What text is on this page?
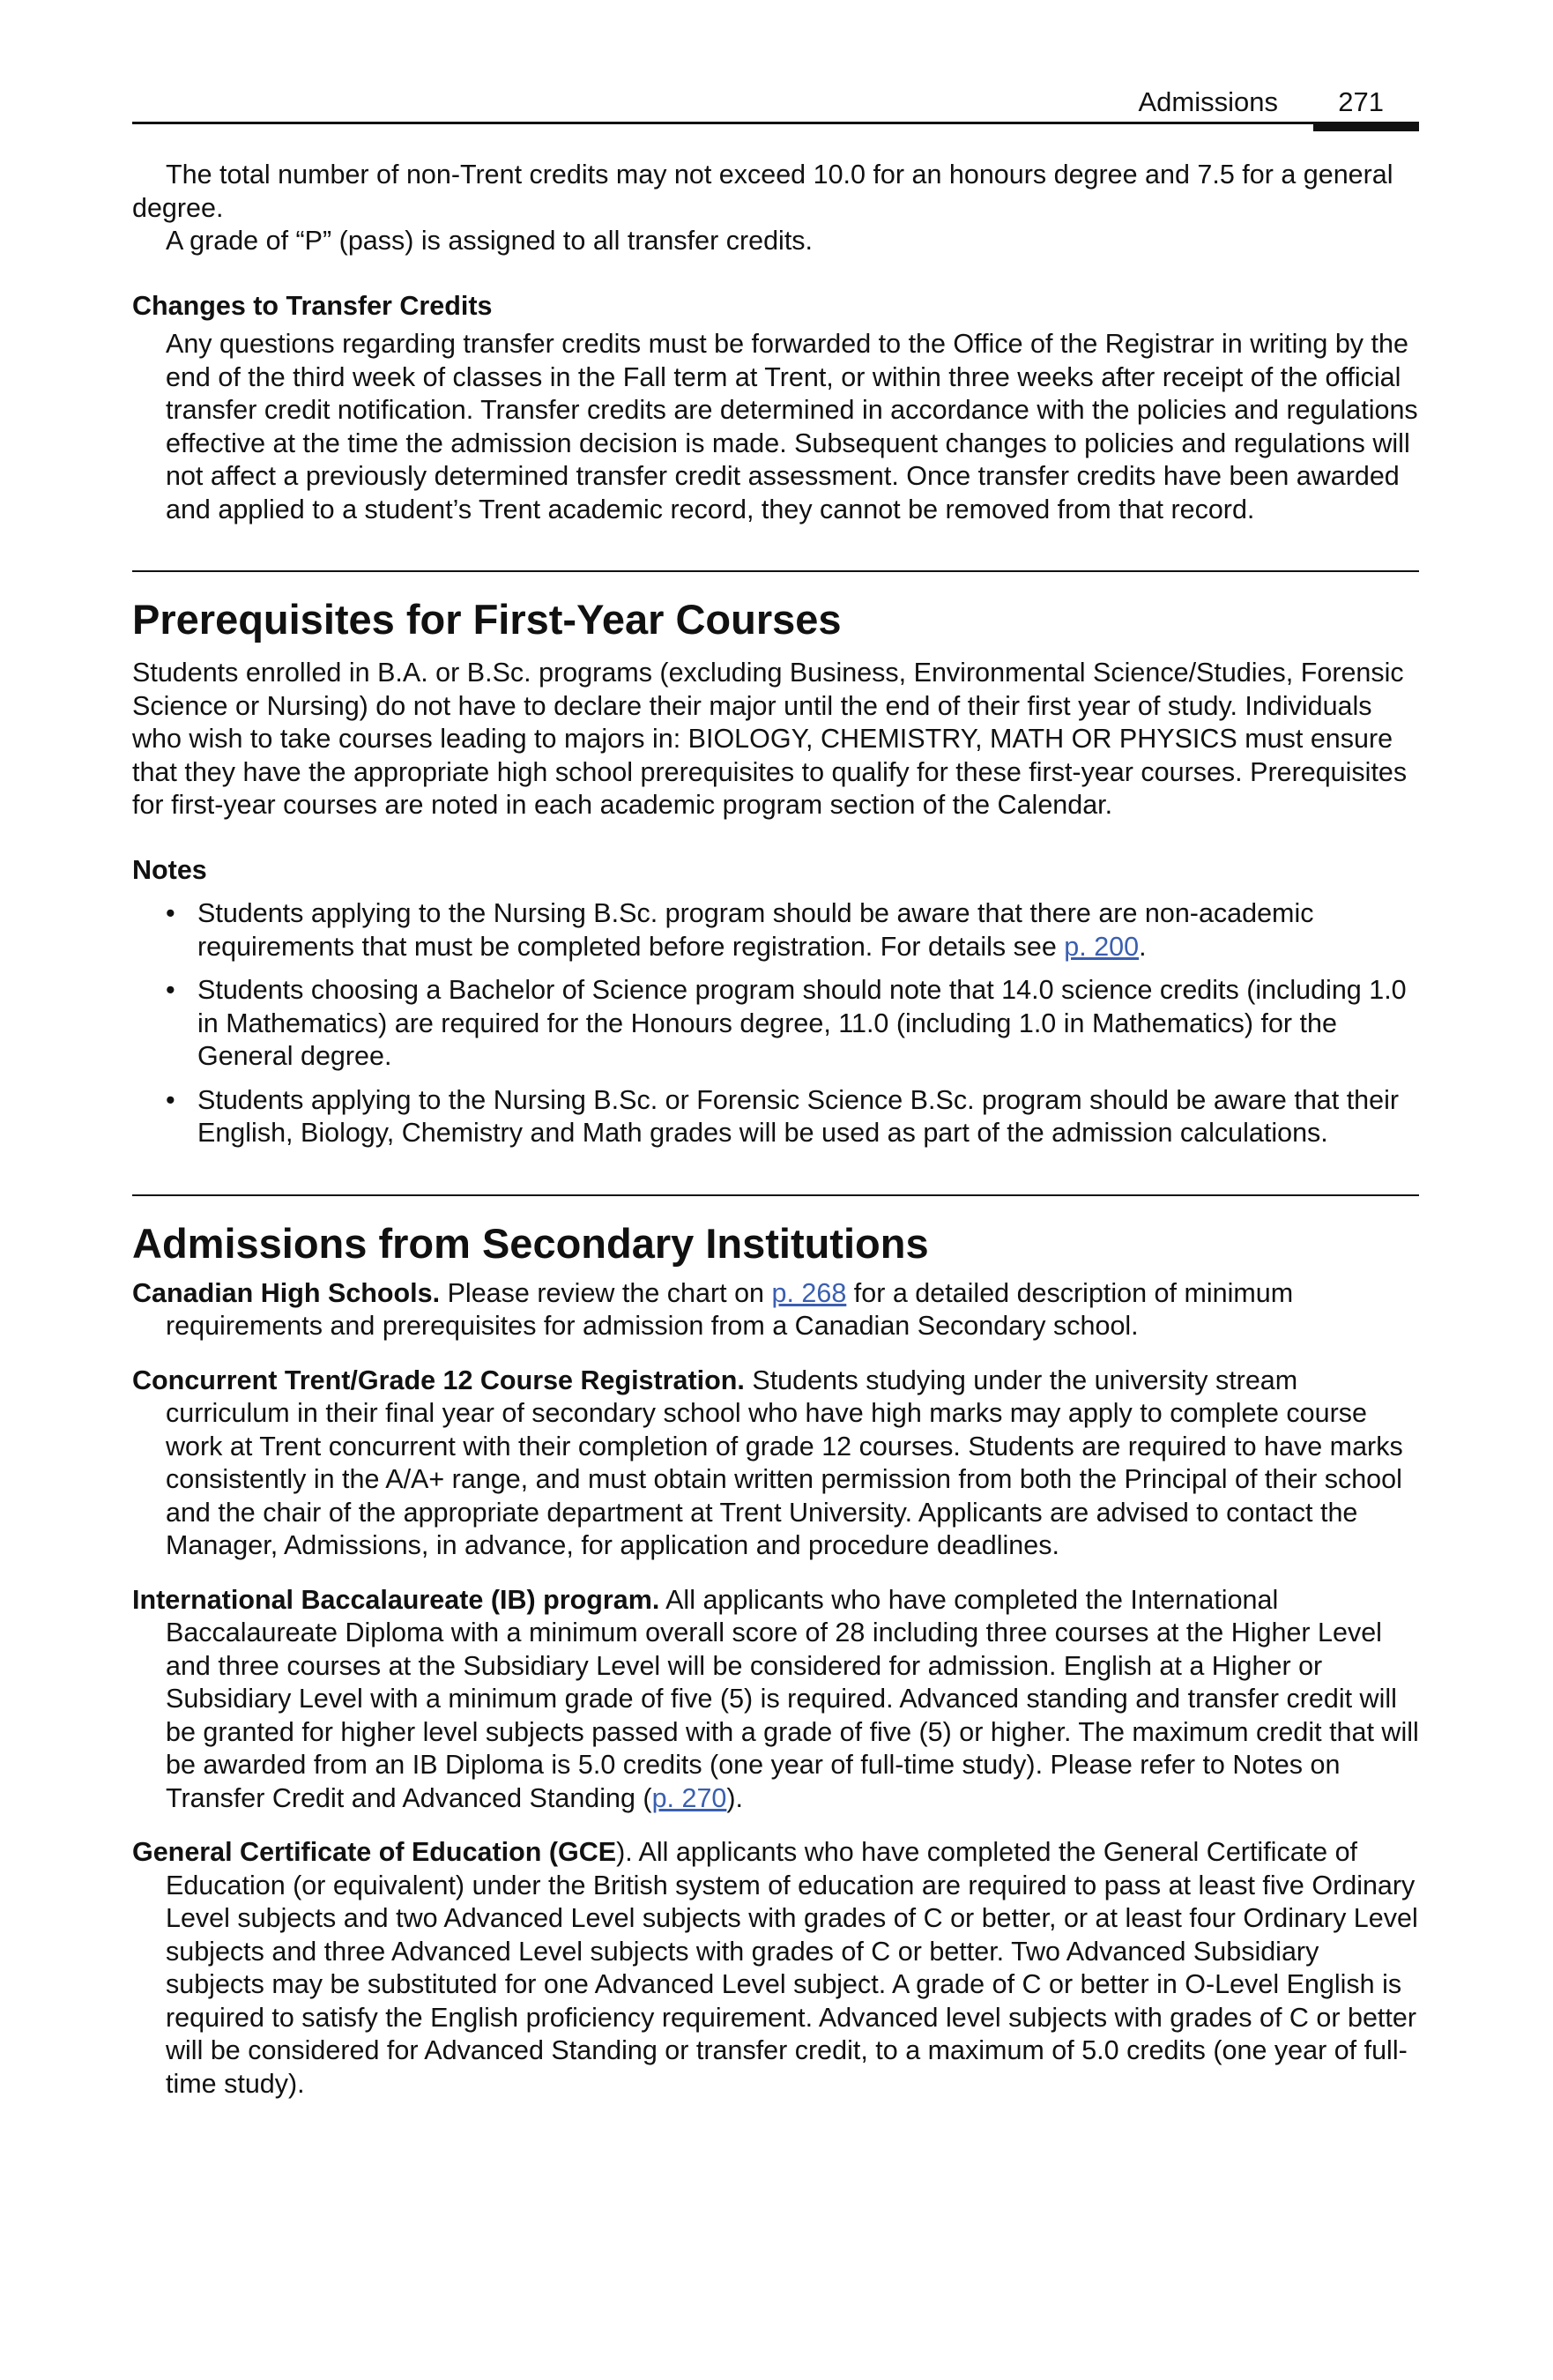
Admissions 271

The total number of non-Trent credits may not exceed 10.0 for an honours degree and 7.5 for a general degree.

A grade of “P” (pass) is assigned to all transfer credits.

Changes to Transfer Credits

Any questions regarding transfer credits must be forwarded to the Office of the Registrar in writing by the end of the third week of classes in the Fall term at Trent, or within three weeks after receipt of the official transfer credit notification. Transfer credits are determined in accordance with the policies and regulations effective at the time the admission decision is made. Subsequent changes to policies and regulations will not affect a previously determined transfer credit assessment. Once transfer credits have been awarded and applied to a student’s Trent academic record, they cannot be removed from that record.

Prerequisites for First-Year Courses

Students enrolled in B.A. or B.Sc. programs (excluding Business, Environmental Science/Studies, Forensic Science or Nursing) do not have to declare their major until the end of their first year of study. Individuals who wish to take courses leading to majors in: BIOLOGY, CHEMISTRY, MATH OR PHYSICS must ensure that they have the appropriate high school prerequisites to qualify for these first-year courses. Prerequisites for first-year courses are noted in each academic program section of the Calendar.

Notes

• Students applying to the Nursing B.Sc. program should be aware that there are non-academic requirements that must be completed before registration. For details see p. 200.
• Students choosing a Bachelor of Science program should note that 14.0 science credits (including 1.0 in Mathematics) are required for the Honours degree, 11.0 (including 1.0 in Mathematics) for the General degree.
• Students applying to the Nursing B.Sc. or Forensic Science B.Sc. program should be aware that their English, Biology, Chemistry and Math grades will be used as part of the admission calculations.
Admissions from Secondary Institutions

Canadian High Schools. Please review the chart on p. 268 for a detailed description of minimum requirements and prerequisites for admission from a Canadian Secondary school.

Concurrent Trent/Grade 12 Course Registration. Students studying under the university stream curriculum in their final year of secondary school who have high marks may apply to complete course work at Trent concurrent with their completion of grade 12 courses. Students are required to have marks consistently in the A/A+ range, and must obtain written permission from both the Principal of their school and the chair of the appropriate department at Trent University. Applicants are advised to contact the Manager, Admissions, in advance, for application and procedure deadlines.

International Baccalaureate (IB) program. All applicants who have completed the International Baccalaureate Diploma with a minimum overall score of 28 including three courses at the Higher Level and three courses at the Subsidiary Level will be considered for admission. English at a Higher or Subsidiary Level with a minimum grade of five (5) is required. Advanced standing and transfer credit will be granted for higher level subjects passed with a grade of five (5) or higher. The maximum credit that will be awarded from an IB Diploma is 5.0 credits (one year of full-time study). Please refer to Notes on Transfer Credit and Advanced Standing (p. 270).

General Certificate of Education (GCE). All applicants who have completed the General Certificate of Education (or equivalent) under the British system of education are required to pass at least five Ordinary Level subjects and two Advanced Level subjects with grades of C or better, or at least four Ordinary Level subjects and three Advanced Level subjects with grades of C or better. Two Advanced Subsidiary subjects may be substituted for one Advanced Level subject. A grade of C or better in O-Level English is required to satisfy the English proficiency requirement. Advanced level subjects with grades of C or better will be considered for Advanced Standing or transfer credit, to a maximum of 5.0 credits (one year of full-time study).
